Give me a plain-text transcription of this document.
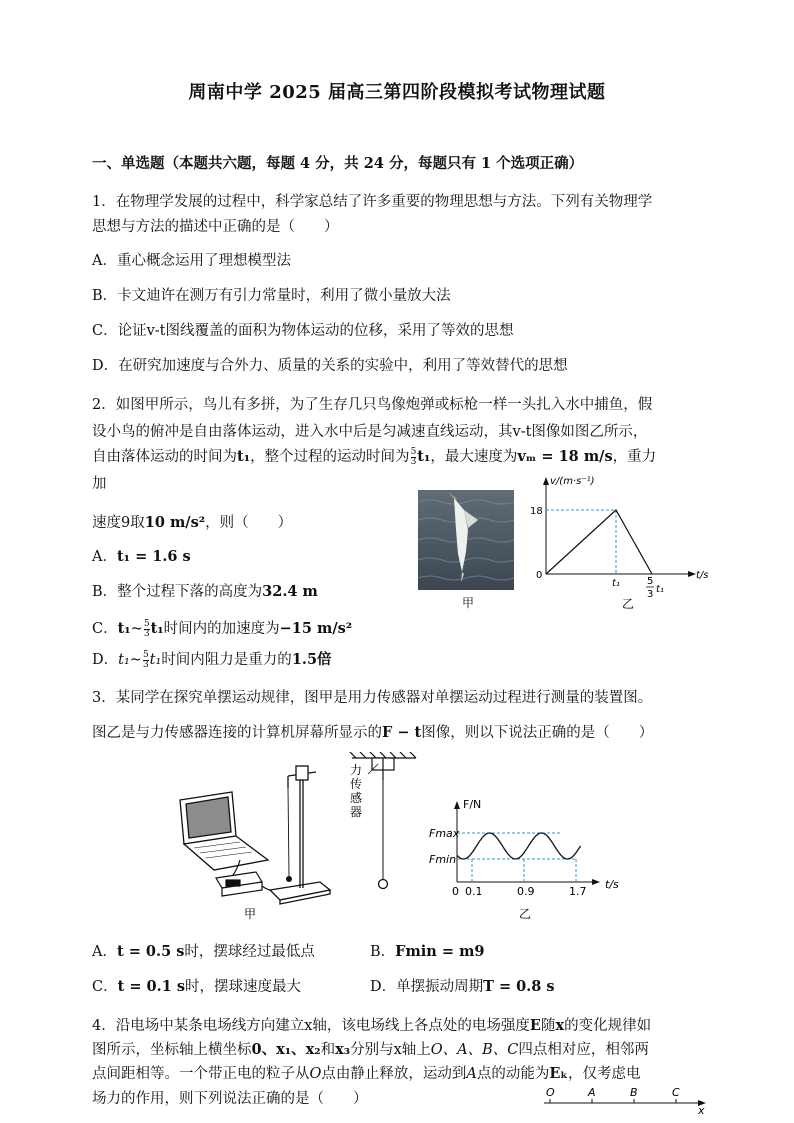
周南中学 2025 届高三第四阶段模拟考试物理试题
一、单选题（本题共六题，每题 4 分，共 24 分，每题只有 1 个选项正确）
1．在物理学发展的过程中，科学家总结了许多重要的物理思想与方法。下列有关物理学
思想与方法的描述中正确的是（　　）
A．重心概念运用了理想模型法
B．卡文迪许在测万有引力常量时，利用了微小量放大法
C．论证v-t图线覆盖的面积为物体运动的位移，采用了等效的思想
D．在研究加速度与合外力、质量的关系的实验中，利用了等效替代的思想
2．如图甲所示，鸟儿有多拼，为了生存几只鸟像炮弹或标枪一样一头扎入水中捕鱼，假
设小鸟的俯冲是自由落体运动，进入水中后是匀减速直线运动，其v-t图像如图乙所示，
自由落体运动的时间为t₁，整个过程的运动时间为 $\frac{5}{3} t_1$，最大速度为vₘ = 18 m/s，重力
加
速度9取10 m/s²，则（　　）
A．t₁ = 1.6 s
B．整个过程下落的高度为32.4 m
C．t₁~ $\frac{5}{3} t_1$时间内的加速度为−15 m/s²
D．t₁~ $\frac{5}{3} t_1$时间内阻力是重力的1.5倍
甲
v/(m·s⁻¹)
t/s
18
0
t₁	5
3 t₁
乙
3．某同学在探究单摆运动规律，图甲是用力传感器对单摆运动过程进行测量的装置图。
图乙是与力传感器连接的计算机屏幕所显示的F − t图像，则以下说法正确的是（　　）
甲
力传感器
F/N
Fmax
Fmin
t/s
0 0.1	0.9	1.7
乙
A．t = 0.5 s时，摆球经过最低点	B．Fmin = m9
C．t = 0.1 s时，摆球速度最大	D．单摆振动周期T = 0.8 s
4．沿电场中某条电场线方向建立x轴，该电场线上各点处的电场强度E随x的变化规律如
图所示，坐标轴上横坐标0、x₁、x₂和x₃分别与x轴上O、A、B、C四点相对应，相邻两
点间距相等。一个带正电的粒子从O点由静止释放，运动到A点的动能为Eₖ，仅考虑电
场力的作用，则下列说法正确的是（　　）	O	A	B	C
x
